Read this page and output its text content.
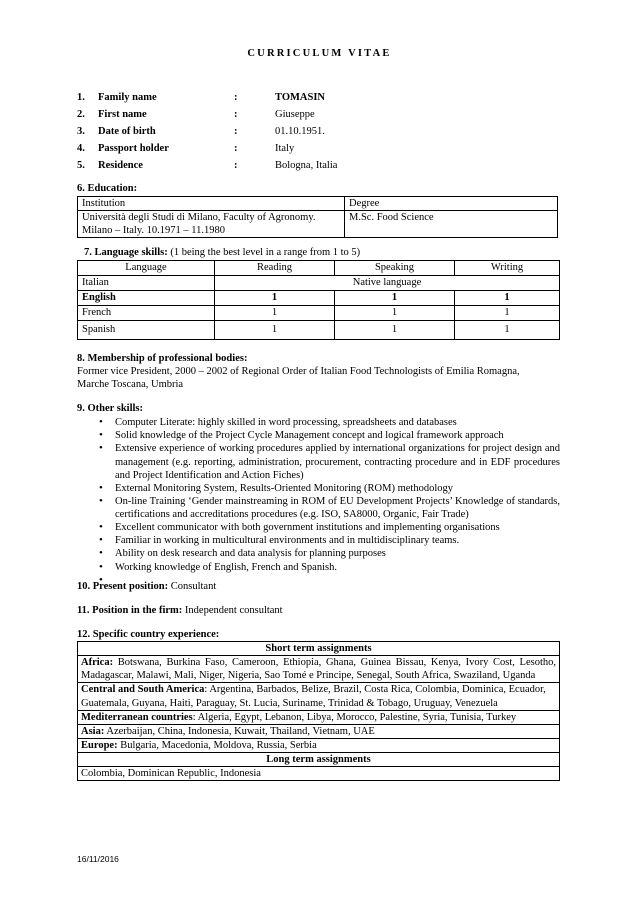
CURRICULUM VITAE
1.	Family name	:	TOMASIN
2.	First name	:	Giuseppe
3.	Date of birth	:	01.10.1951.
4.	Passport holder	:	Italy
5.	Residence	:	Bologna, Italia
6. Education:
Institution	Degree

Università degli Studi di Milano, Faculty of Agronomy.
Milano – Italy. 10.1971 – 11.1980	M.Sc. Food Science
7. Language skills: (1 being the best level in a range from 1 to 5)
Language	Reading	Speaking	Writing
Italian	Native language		
English	1	1	1
French	1	1	1
Spanish	1	1	1
8. Membership of professional bodies:
Former vice President, 2000 – 2002 of Regional Order of Italian Food Technologists of Emilia Romagna, Marche Toscana, Umbria
9. Other skills:
• Computer Literate: highly skilled in word processing, spreadsheets and databases
• Solid knowledge of the Project Cycle Management concept and logical framework approach
• Extensive experience of working procedures applied by international organizations for project design and management (e.g. reporting, administration, procurement, contracting procedure and in EDF procedures and Project Identification and Action Fiches)
• External Monitoring System, Results-Oriented Monitoring (ROM) methodology
• On-line Training ‘Gender mainstreaming in ROM of EU Development Projects’ Knowledge of standards, certifications and accreditations procedures (e.g. ISO, SA8000, Organic, Fair Trade)
• Excellent communicator with both government institutions and implementing organisations
• Familiar in working in multicultural environments and in multidisciplinary teams.
• Ability on desk research and data analysis for planning purposes
• Working knowledge of English, French and Spanish.
•
10. Present position: Consultant
11. Position in the firm: Independent consultant
12. Specific country experience:
Short term assignments
Africa: Botswana, Burkina Faso, Cameroon, Ethiopia, Ghana, Guinea Bissau, Kenya, Ivory Cost, Lesotho, Madagascar, Malawi, Mali, Niger, Nigeria, Sao Tomé e Principe, Senegal, South Africa, Swaziland, Uganda
Central and South America: Argentina, Barbados, Belize, Brazil, Costa Rica, Colombia, Dominica, Ecuador, Guatemala, Guyana, Haiti, Paraguay, St. Lucia, Suriname, Trinidad & Tobago, Uruguay, Venezuela
Mediterranean countries: Algeria, Egypt, Lebanon, Libya, Morocco, Palestine, Syria, Tunisia, Turkey
Asia: Azerbaijan, China, Indonesia, Kuwait, Thailand, Vietnam, UAE
Europe: Bulgaria, Macedonia, Moldova, Russia, Serbia
Long term assignments
Colombia, Dominican Republic, Indonesia
16/11/2016
